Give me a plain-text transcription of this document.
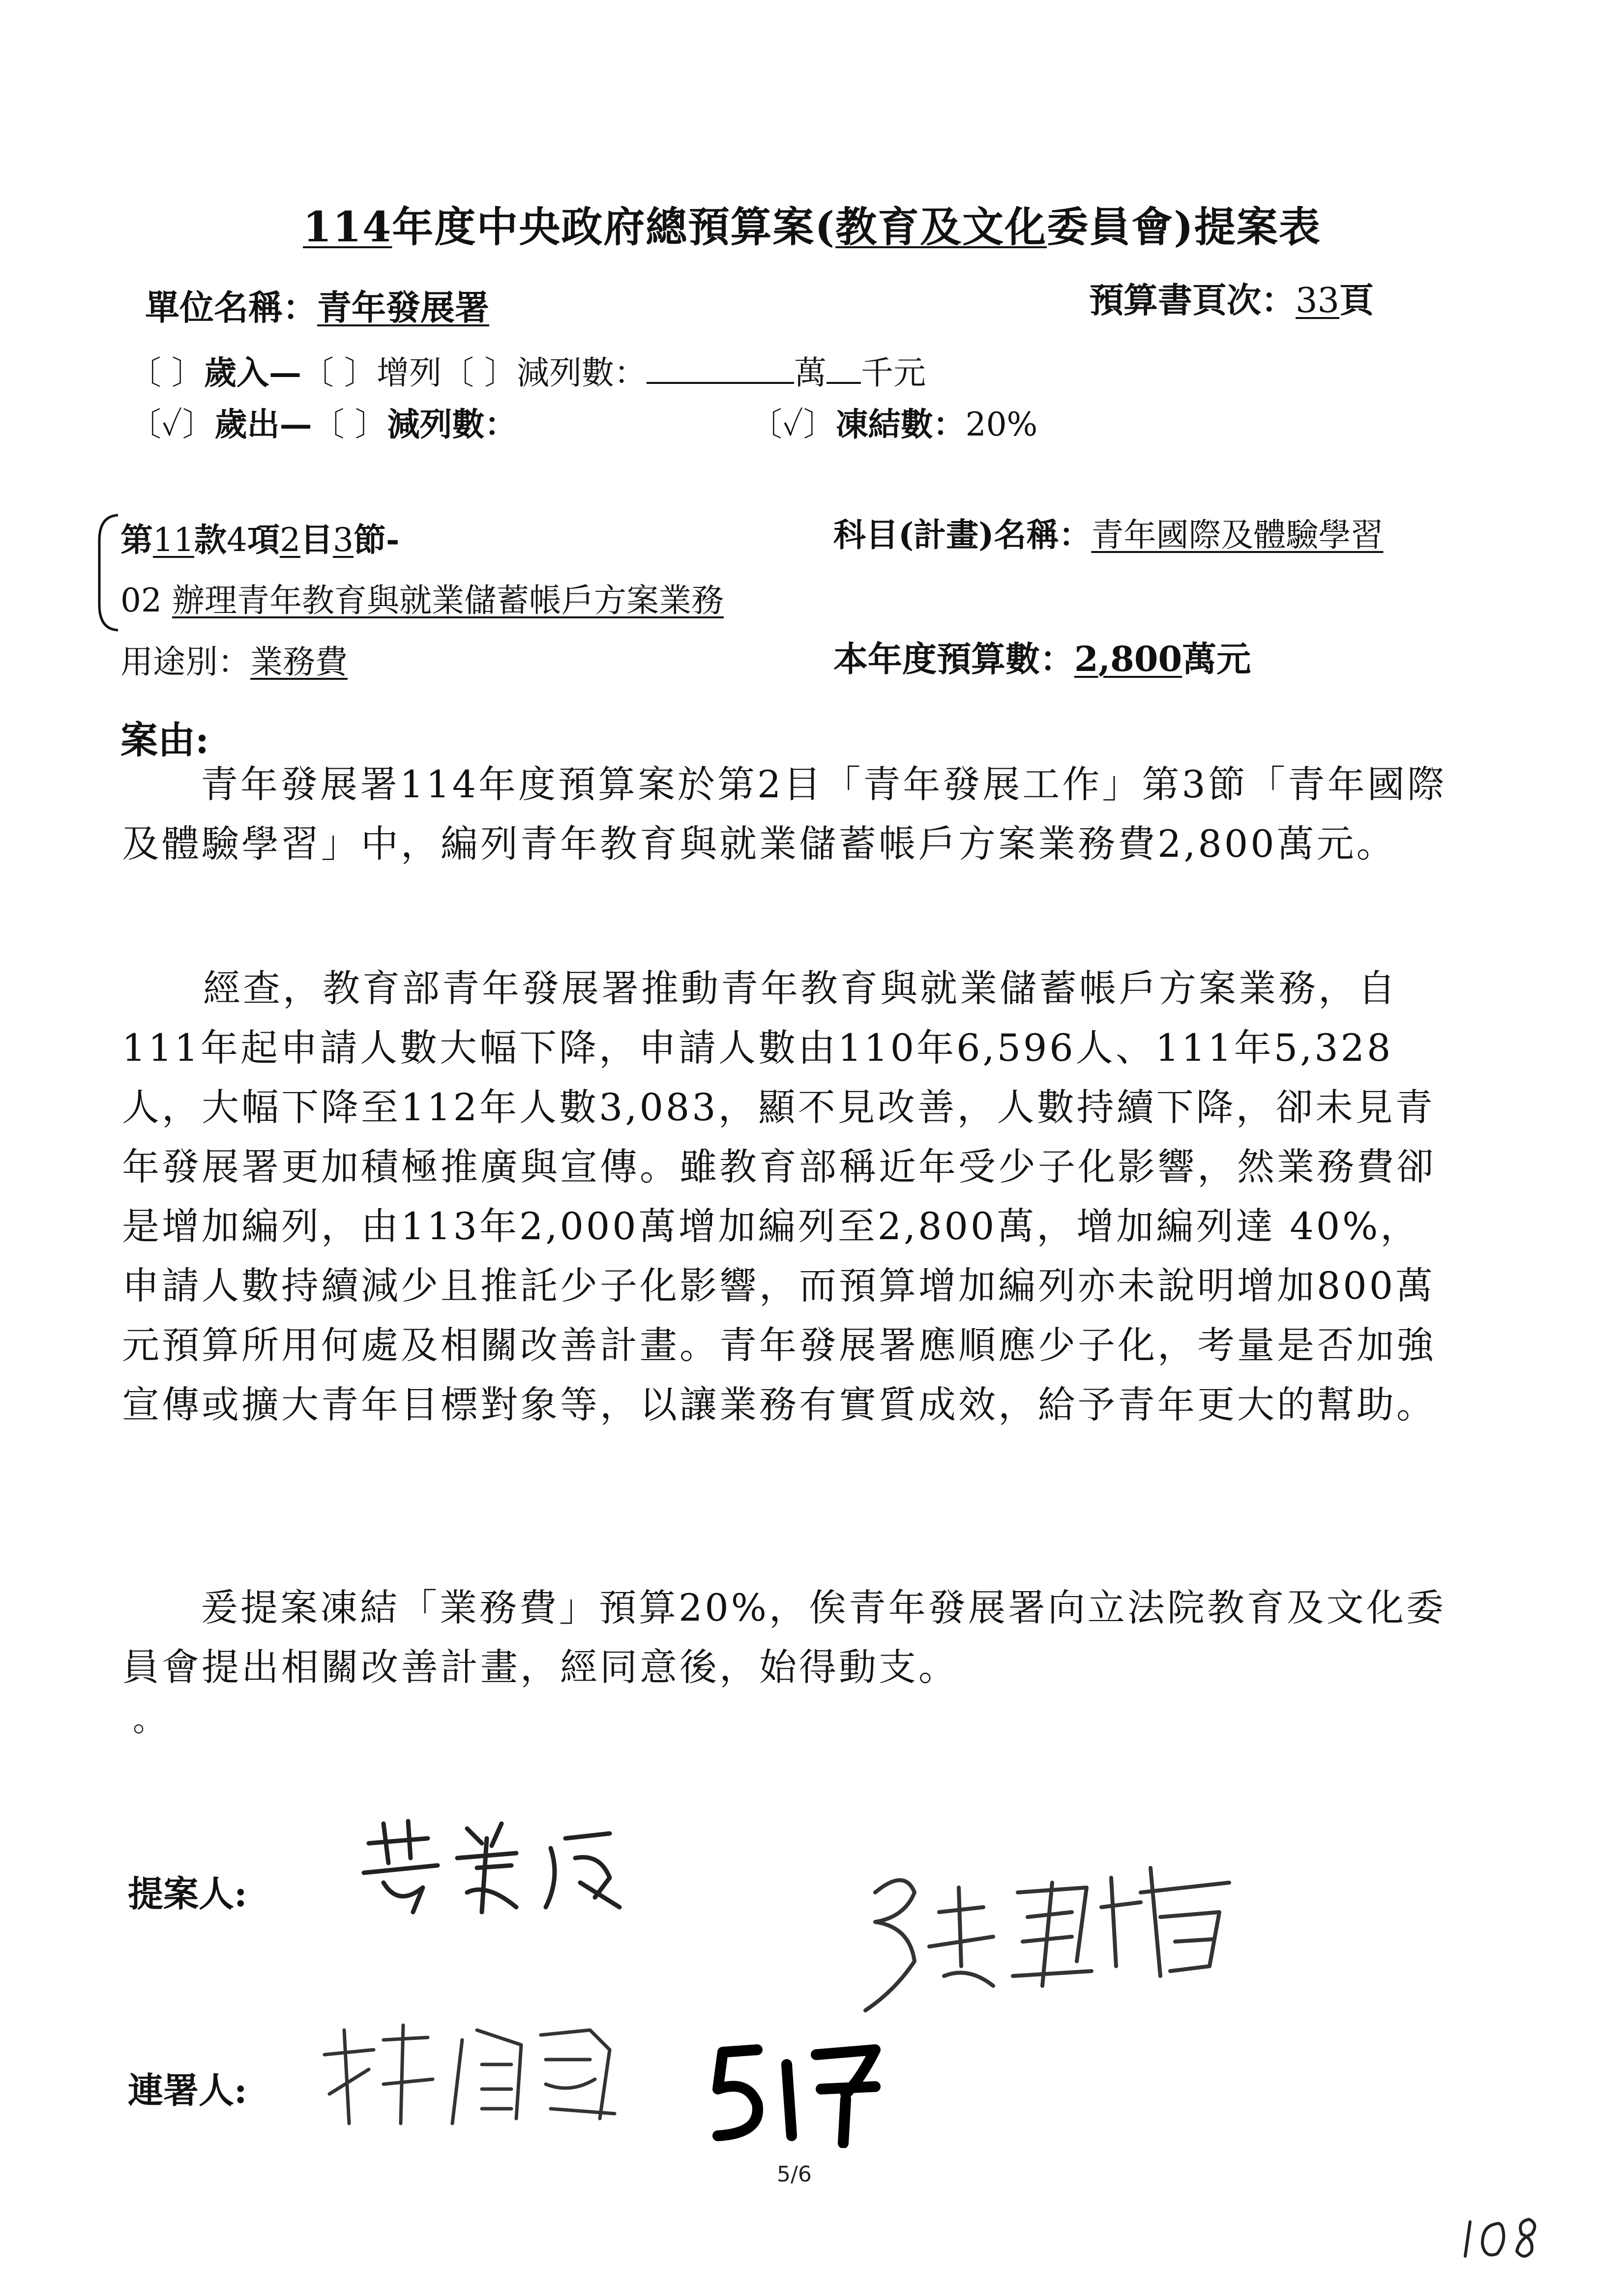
114年度中央政府總預算案(教育及文化委員會)提案表
單位名稱：青年發展署	預算書頁次：33頁
〔 〕歲入—〔 〕增列〔 〕減列數：	萬 千元
〔✓〕歲出—〔 〕減列數：	〔✓〕凍結數：20%
第11款4項2目3節-	科目(計畫)名稱：青年國際及體驗學習
02 辦理青年教育與就業儲蓄帳戶方案業務
用途別：業務費	本年度預算數：2,800萬元
案由:
青年發展署114年度預算案於第2目「青年發展工作」第3節「青年國際及體驗學習」中，編列青年教育與就業儲蓄帳戶方案業務費2,800萬元。
經查，教育部青年發展署推動青年教育與就業儲蓄帳戶方案業務，自111年起申請人數大幅下降，申請人數由110年6,596人、111年5,328人，大幅下降至112年人數3,083，顯不見改善，人數持續下降，卻未見青年發展署更加積極推廣與宣傳。雖教育部稱近年受少子化影響，然業務費卻是增加編列，由113年2,000萬增加編列至2,800萬，增加編列達 40%，申請人數持續減少且推託少子化影響，而預算增加編列亦未說明增加800萬元預算所用何處及相關改善計畫。青年發展署應順應少子化，考量是否加強宣傳或擴大青年目標對象等，以讓業務有實質成效，給予青年更大的幫助。
爰提案凍結「業務費」預算20%，俟青年發展署向立法院教育及文化委員會提出相關改善計畫，經同意後，始得動支。
。
提案人:
連署人:
5/6
